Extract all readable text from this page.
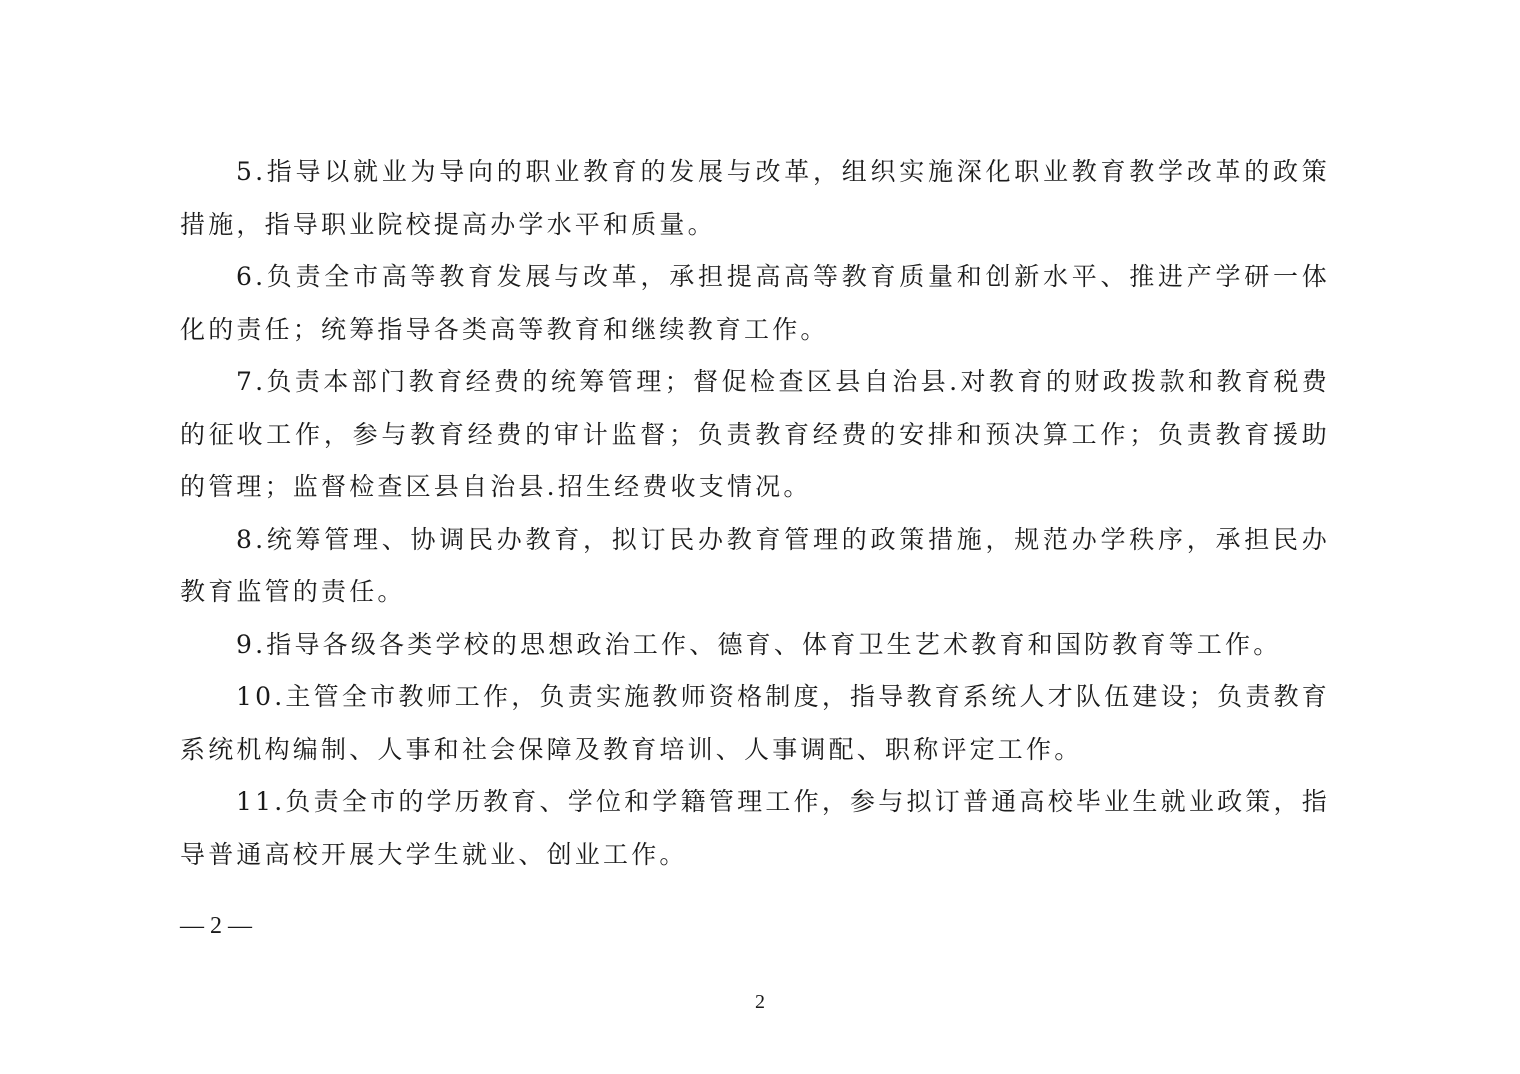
5.指导以就业为导向的职业教育的发展与改革，组织实施深化职业教育教学改革的政策措施，指导职业院校提高办学水平和质量。

6.负责全市高等教育发展与改革，承担提高高等教育质量和创新水平、推进产学研一体化的责任；统筹指导各类高等教育和继续教育工作。

7.负责本部门教育经费的统筹管理；督促检查区县自治县.对教育的财政拨款和教育税费的征收工作，参与教育经费的审计监督；负责教育经费的安排和预决算工作；负责教育援助的管理；监督检查区县自治县.招生经费收支情况。

8.统筹管理、协调民办教育，拟订民办教育管理的政策措施，规范办学秩序，承担民办教育监管的责任。

9.指导各级各类学校的思想政治工作、德育、体育卫生艺术教育和国防教育等工作。

10.主管全市教师工作，负责实施教师资格制度，指导教育系统人才队伍建设；负责教育系统机构编制、人事和社会保障及教育培训、人事调配、职称评定工作。

11.负责全市的学历教育、学位和学籍管理工作，参与拟订普通高校毕业生就业政策，指导普通高校开展大学生就业、创业工作。

— 2 —
2
